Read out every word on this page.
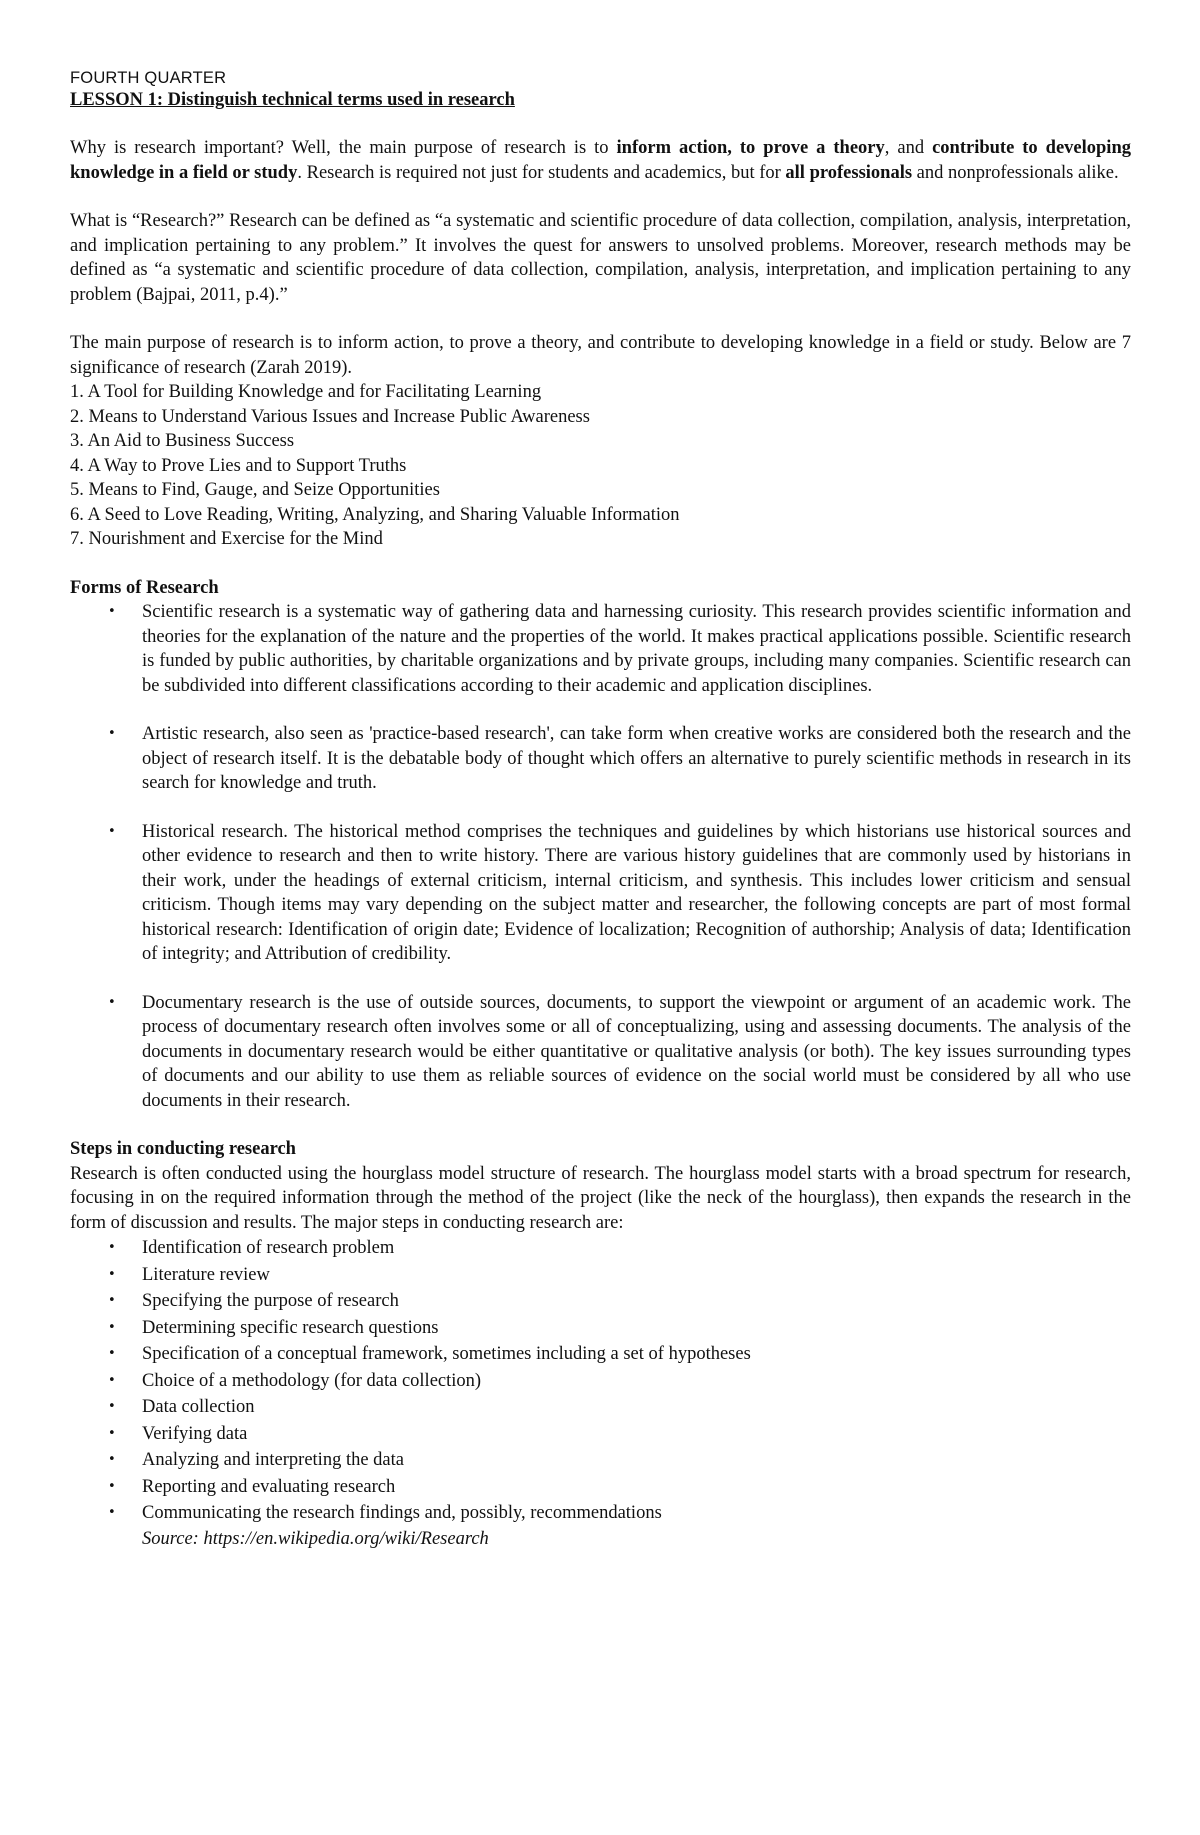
FOURTH QUARTER
LESSON 1: Distinguish technical terms used in research

Why is research important? Well, the main purpose of research is to inform action, to prove a theory, and contribute to developing knowledge in a field or study. Research is required not just for students and academics, but for all professionals and nonprofessionals alike.

What is “Research?” Research can be defined as “a systematic and scientific procedure of data collection, compilation, analysis, interpretation, and implication pertaining to any problem.” It involves the quest for answers to unsolved problems. Moreover, research methods may be defined as “a systematic and scientific procedure of data collection, compilation, analysis, interpretation, and implication pertaining to any problem (Bajpai, 2011, p.4).”

The main purpose of research is to inform action, to prove a theory, and contribute to developing knowledge in a field or study. Below are 7 significance of research (Zarah 2019).

1. A Tool for Building Knowledge and for Facilitating Learning
2. Means to Understand Various Issues and Increase Public Awareness
3. An Aid to Business Success
4. A Way to Prove Lies and to Support Truths
5. Means to Find, Gauge, and Seize Opportunities
6. A Seed to Love Reading, Writing, Analyzing, and Sharing Valuable Information
7. Nourishment and Exercise for the Mind
Forms of Research
• Scientific research is a systematic way of gathering data and harnessing curiosity. This research provides scientific information and theories for the explanation of the nature and the properties of the world. It makes practical applications possible. Scientific research is funded by public authorities, by charitable organizations and by private groups, including many companies. Scientific research can be subdivided into different classifications according to their academic and application disciplines.
• Artistic research, also seen as 'practice-based research', can take form when creative works are considered both the research and the object of research itself. It is the debatable body of thought which offers an alternative to purely scientific methods in research in its search for knowledge and truth.
• Historical research. The historical method comprises the techniques and guidelines by which historians use historical sources and other evidence to research and then to write history. There are various history guidelines that are commonly used by historians in their work, under the headings of external criticism, internal criticism, and synthesis. This includes lower criticism and sensual criticism. Though items may vary depending on the subject matter and researcher, the following concepts are part of most formal historical research: Identification of origin date; Evidence of localization; Recognition of authorship; Analysis of data; Identification of integrity; and Attribution of credibility.
• Documentary research is the use of outside sources, documents, to support the viewpoint or argument of an academic work. The process of documentary research often involves some or all of conceptualizing, using and assessing documents. The analysis of the documents in documentary research would be either quantitative or qualitative analysis (or both). The key issues surrounding types of documents and our ability to use them as reliable sources of evidence on the social world must be considered by all who use documents in their research.
Steps in conducting research

Research is often conducted using the hourglass model structure of research. The hourglass model starts with a broad spectrum for research, focusing in on the required information through the method of the project (like the neck of the hourglass), then expands the research in the form of discussion and results. The major steps in conducting research are:

• Identification of research problem
• Literature review
• Specifying the purpose of research
• Determining specific research questions
• Specification of a conceptual framework, sometimes including a set of hypotheses
• Choice of a methodology (for data collection)
• Data collection
• Verifying data
• Analyzing and interpreting the data
• Reporting and evaluating research
• Communicating the research findings and, possibly, recommendations
Source: https://en.wikipedia.org/wiki/Research
